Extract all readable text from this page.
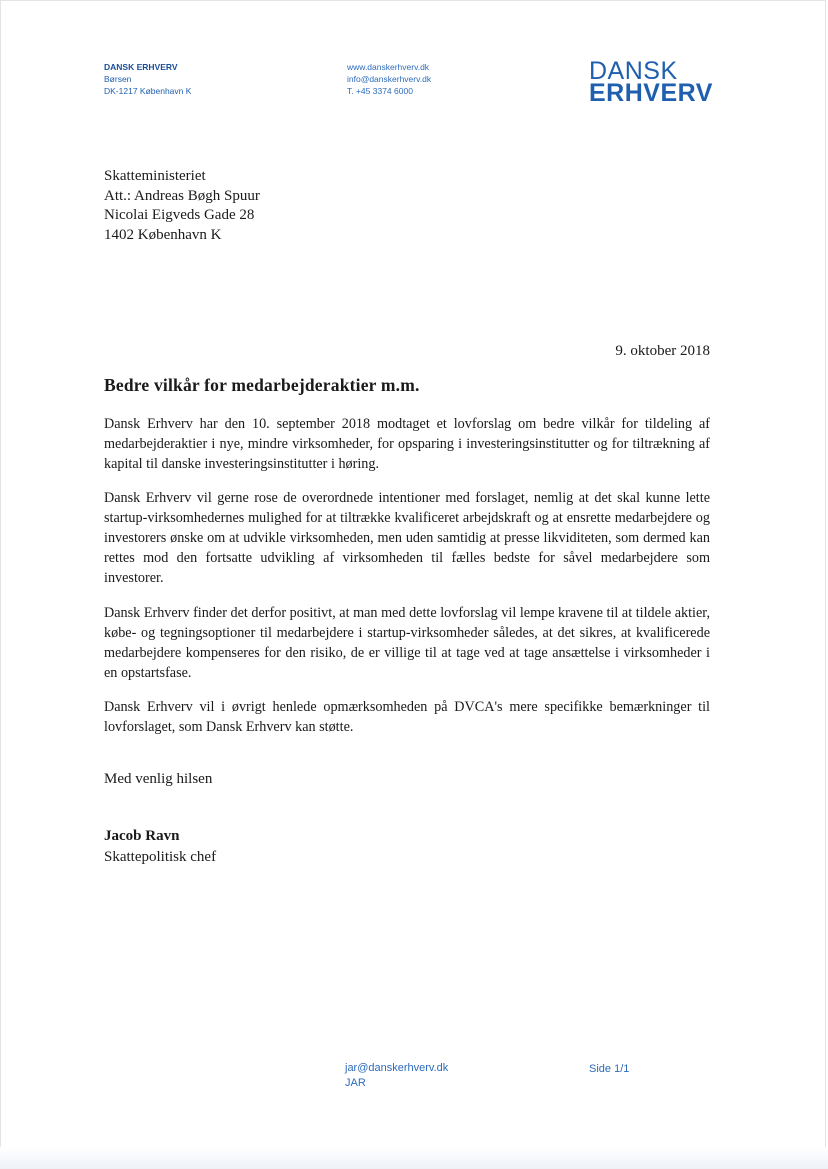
DANSK ERHVERV
Børsen
DK-1217 København K
www.danskerhverv.dk
info@danskerhverv.dk
T. +45 3374 6000
DANSK
ERHVERV
Skatteministeriet
Att.: Andreas Bøgh Spuur
Nicolai Eigveds Gade 28
1402 København K
9. oktober 2018
Bedre vilkår for medarbejderaktier m.m.
Dansk Erhverv har den 10. september 2018 modtaget et lovforslag om bedre vilkår for tildeling af medarbejderaktier i nye, mindre virksomheder, for opsparing i investeringsinstitutter og for tiltrækning af kapital til danske investeringsinstitutter i høring.
Dansk Erhverv vil gerne rose de overordnede intentioner med forslaget, nemlig at det skal kunne lette startup-virksomhedernes mulighed for at tiltrække kvalificeret arbejdskraft og at ensrette medarbejdere og investorers ønske om at udvikle virksomheden, men uden samtidig at presse likviditeten, som dermed kan rettes mod den fortsatte udvikling af virksomheden til fælles bedste for såvel medarbejdere som investorer.
Dansk Erhverv finder det derfor positivt, at man med dette lovforslag vil lempe kravene til at tildele aktier, købe- og tegningsoptioner til medarbejdere i startup-virksomheder således, at det sikres, at kvalificerede medarbejdere kompenseres for den risiko, de er villige til at tage ved at tage ansættelse i virksomheder i en opstartsfase.
Dansk Erhverv vil i øvrigt henlede opmærksomheden på DVCA's mere specifikke bemærkninger til lovforslaget, som Dansk Erhverv kan støtte.
Med venlig hilsen
Jacob Ravn
Skattepolitisk chef
jar@danskerhverv.dk
JAR
Side 1/1
